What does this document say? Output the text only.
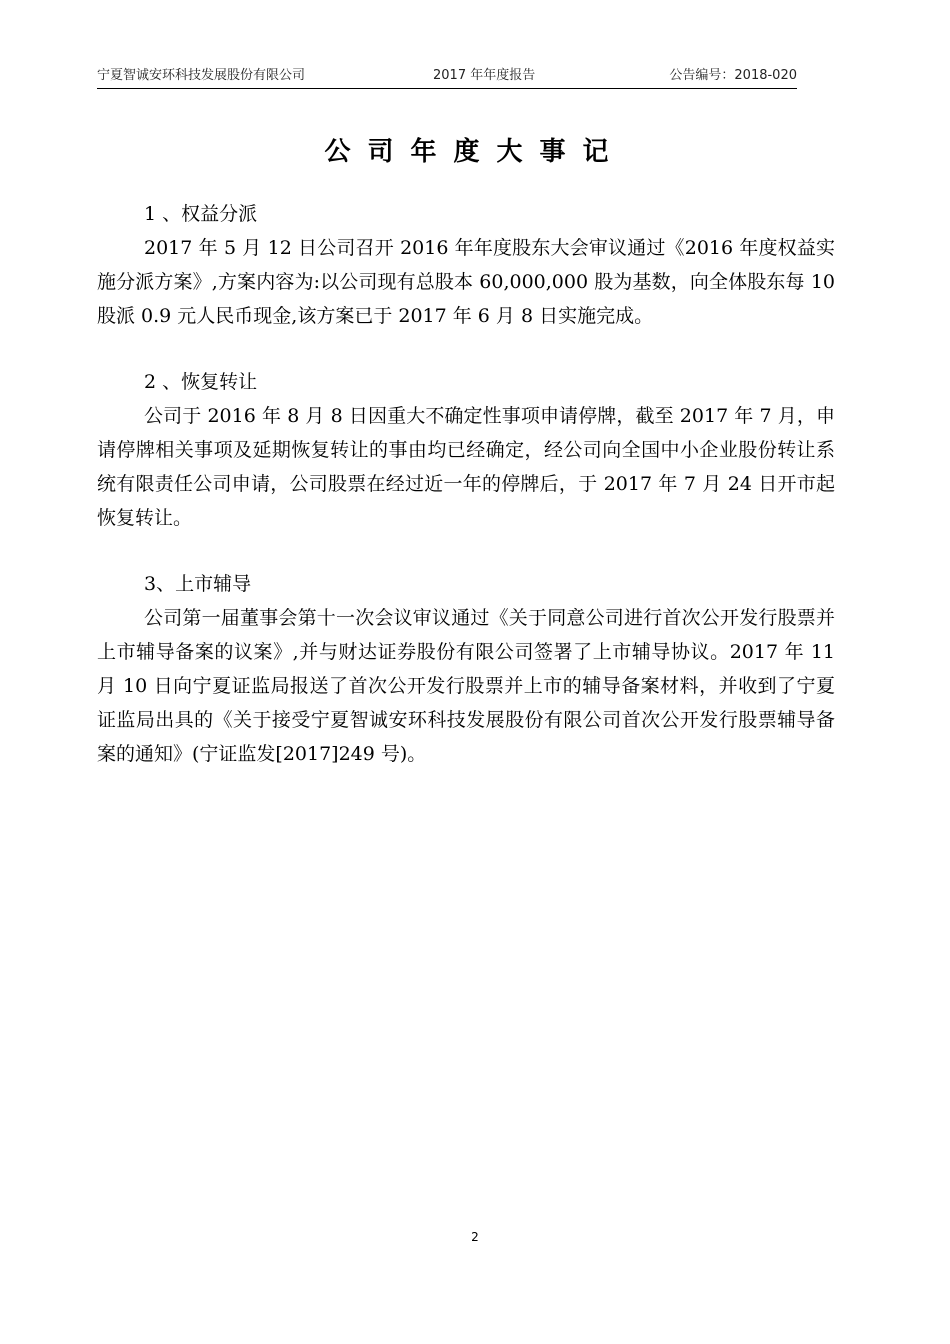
宁夏智诚安环科技发展股份有限公司	2017 年年度报告	公告编号：2018-020
公司年度大事记

1 、权益分派

2017 年 5 月 12 日公司召开 2016 年年度股东大会审议通过《2016 年度权益实施分派方案》,方案内容为:以公司现有总股本 60,000,000 股为基数，向全体股东每 10 股派 0.9 元人民币现金,该方案已于 2017 年 6 月 8 日实施完成。

2 、恢复转让

公司于 2016 年 8 月 8 日因重大不确定性事项申请停牌，截至 2017 年 7 月，申请停牌相关事项及延期恢复转让的事由均已经确定，经公司向全国中小企业股份转让系统有限责任公司申请，公司股票在经过近一年的停牌后，于 2017 年 7 月 24 日开市起恢复转让。

3、上市辅导

公司第一届董事会第十一次会议审议通过《关于同意公司进行首次公开发行股票并上市辅导备案的议案》,并与财达证券股份有限公司签署了上市辅导协议。2017 年 11 月 10 日向宁夏证监局报送了首次公开发行股票并上市的辅导备案材料，并收到了宁夏证监局出具的《关于接受宁夏智诚安环科技发展股份有限公司首次公开发行股票辅导备案的通知》(宁证监发[2017]249 号)。

2
